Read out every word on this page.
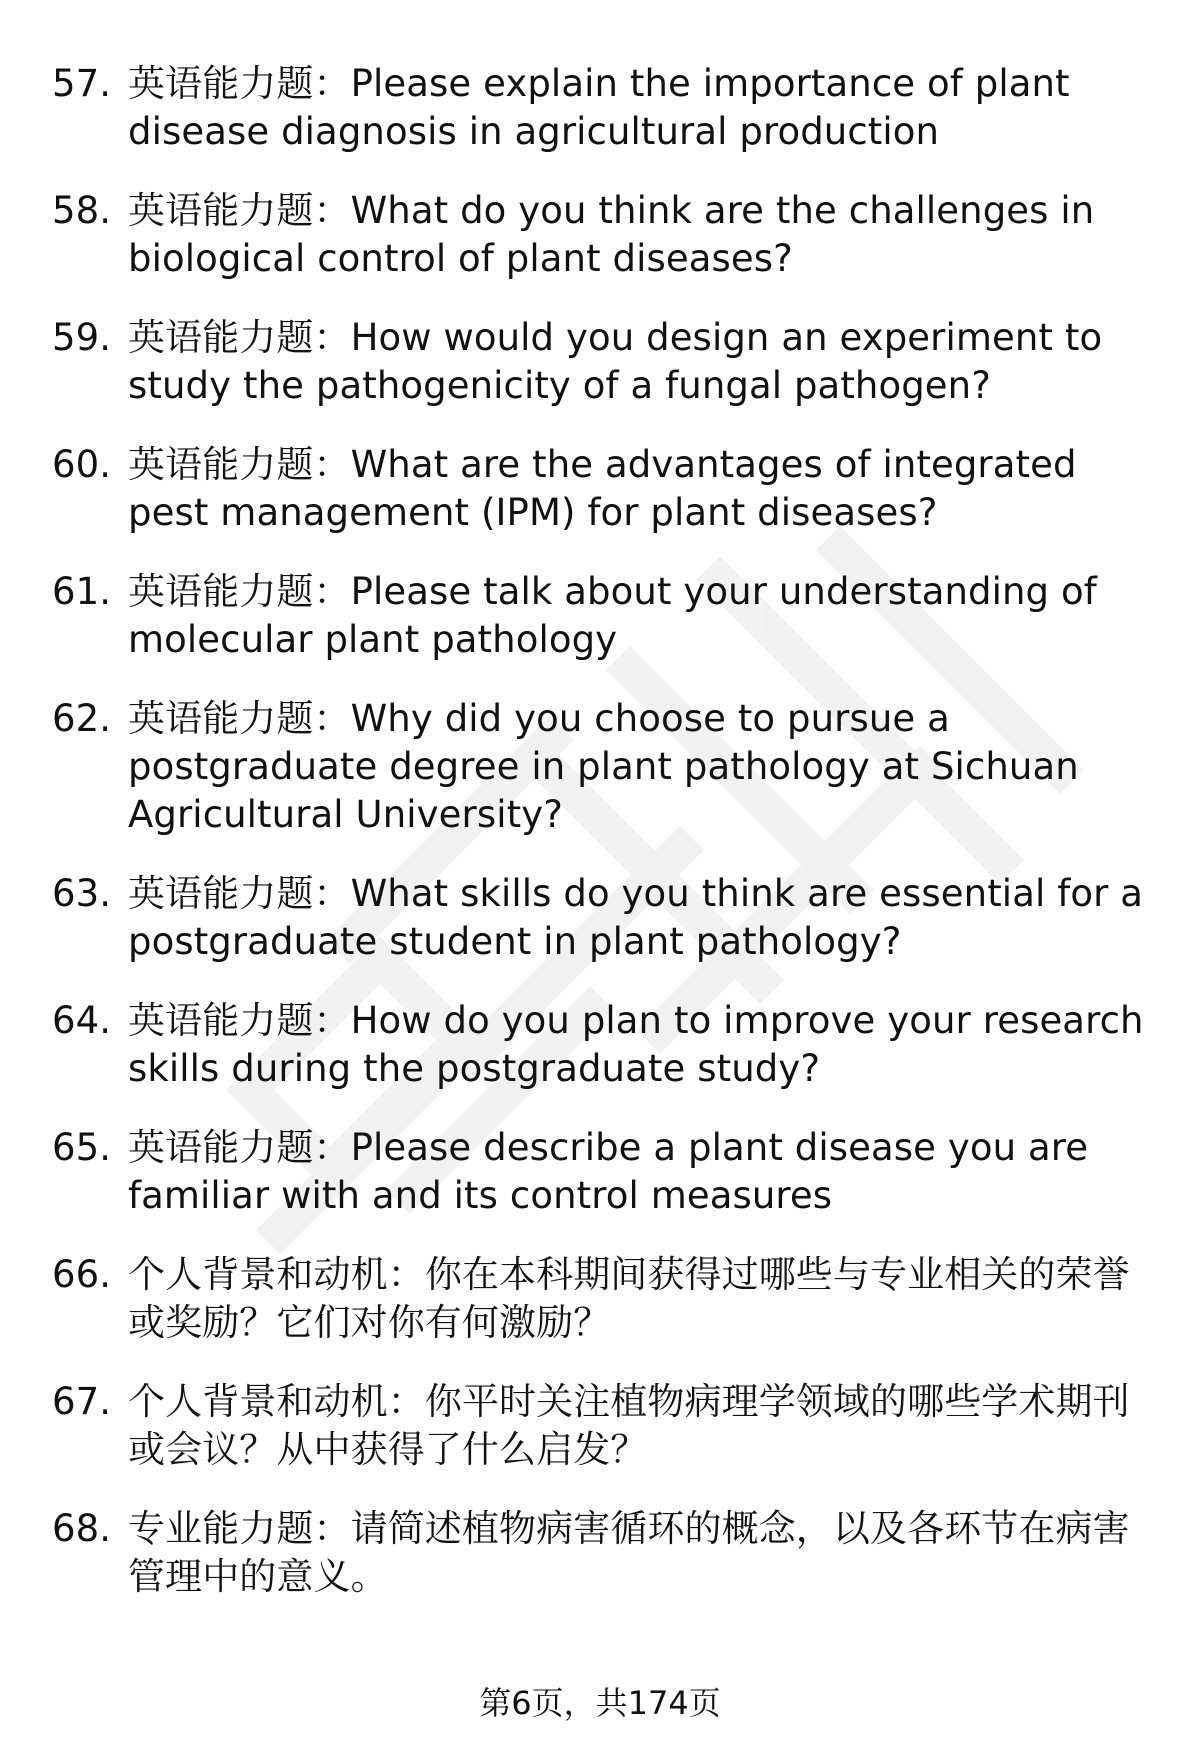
57. 英语能力题：Please explain the importance of plant disease diagnosis in agricultural production
58. 英语能力题：What do you think are the challenges in biological control of plant diseases?
59. 英语能力题：How would you design an experiment to study the pathogenicity of a fungal pathogen?
60. 英语能力题：What are the advantages of integrated pest management (IPM) for plant diseases?
61. 英语能力题：Please talk about your understanding of molecular plant pathology
62. 英语能力题：Why did you choose to pursue a postgraduate degree in plant pathology at Sichuan Agricultural University?
63. 英语能力题：What skills do you think are essential for a postgraduate student in plant pathology?
64. 英语能力题：How do you plan to improve your research skills during the postgraduate study?
65. 英语能力题：Please describe a plant disease you are familiar with and its control measures
66. 个人背景和动机：你在本科期间获得过哪些与专业相关的荣誉或奖励？它们对你有何激励？
67. 个人背景和动机：你平时关注植物病理学领域的哪些学术期刊或会议？从中获得了什么启发？
68. 专业能力题：请简述植物病害循环的概念，以及各环节在病害管理中的意义。
第6页，共174页
